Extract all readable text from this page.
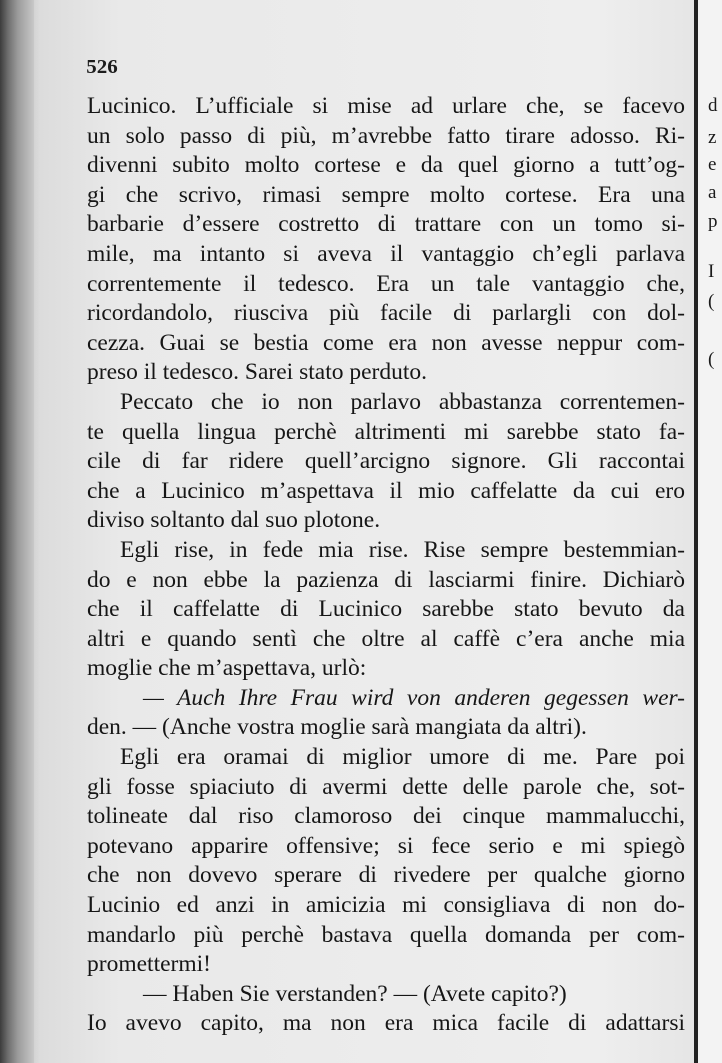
526
Lucinico. L’ufficiale si mise ad urlare che, se facevo
un solo passo di più, m’avrebbe fatto tirare adosso. Ri-
divenni subito molto cortese e da quel giorno a tutt’og-
gi che scrivo, rimasi sempre molto cortese. Era una
barbarie d’essere costretto di trattare con un tomo si-
mile, ma intanto si aveva il vantaggio ch’egli parlava
correntemente il tedesco. Era un tale vantaggio che,
ricordandolo, riusciva più facile di parlargli con dol-
cezza. Guai se bestia come era non avesse neppur com-
preso il tedesco. Sarei stato perduto.
Peccato che io non parlavo abbastanza correntemen-
te quella lingua perchè altrimenti mi sarebbe stato fa-
cile di far ridere quell’arcigno signore. Gli raccontai
che a Lucinico m’aspettava il mio caffelatte da cui ero
diviso soltanto dal suo plotone.
Egli rise, in fede mia rise. Rise sempre bestemmian-
do e non ebbe la pazienza di lasciarmi finire. Dichiarò
che il caffelatte di Lucinico sarebbe stato bevuto da
altri e quando sentì che oltre al caffè c’era anche mia
moglie che m’aspettava, urlò:
— Auch Ihre Frau wird von anderen gegessen wer-
den. — (Anche vostra moglie sarà mangiata da altri).
Egli era oramai di miglior umore di me. Pare poi
gli fosse spiaciuto di avermi dette delle parole che, sot-
tolineate dal riso clamoroso dei cinque mammalucchi,
potevano apparire offensive; si fece serio e mi spiegò
che non dovevo sperare di rivedere per qualche giorno
Lucinio ed anzi in amicizia mi consigliava di non do-
mandarlo più perchè bastava quella domanda per com-
promettermi!
— Haben Sie verstanden? — (Avete capito?)
Io avevo capito, ma non era mica facile di adattarsi
d
z
e
a
p
I
(
(
